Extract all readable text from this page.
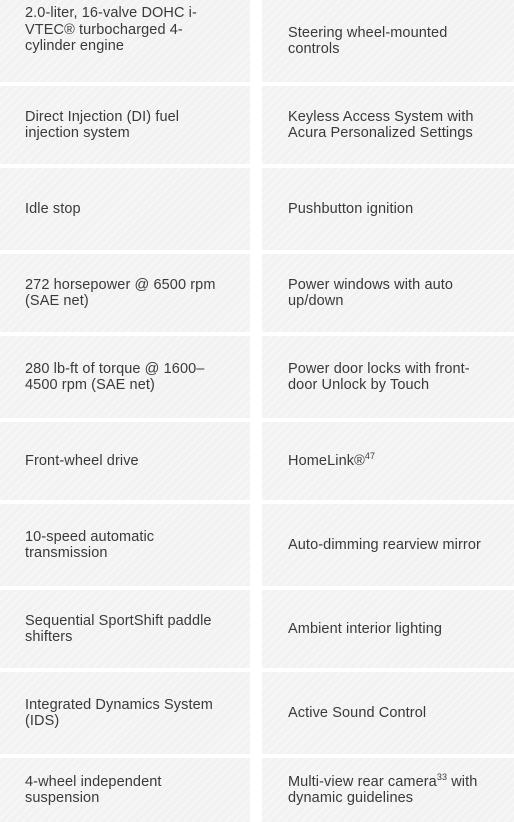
2.0-liter, 16-valve DOHC i-VTEC® turbocharged 4-cylinder engine
Direct Injection (DI) fuel injection system
Idle stop
272 horsepower @ 6500 rpm (SAE net)
280 lb-ft of torque @ 1600–4500 rpm (SAE net)
Front-wheel drive
10-speed automatic transmission
Sequential SportShift paddle shifters
Integrated Dynamics System (IDS)
4-wheel independent suspension
Steering wheel-mounted controls
Keyless Access System with Acura Personalized Settings
Pushbutton ignition
Power windows with auto up/down
Power door locks with front-door Unlock by Touch
HomeLink®$^{47}$
Auto-dimming rearview mirror
Ambient interior lighting
Active Sound Control
Multi-view rear camera$^{33}$ with dynamic guidelines
